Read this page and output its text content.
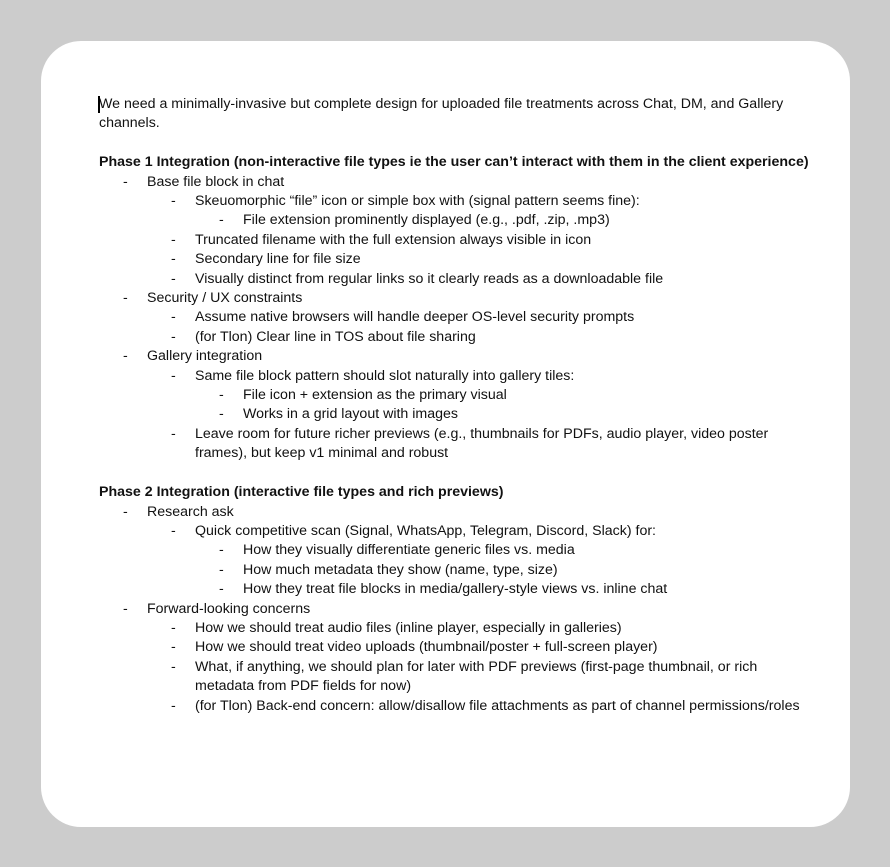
We need a minimally-invasive but complete design for uploaded file treatments across Chat, DM, and Gallery channels.

Phase 1 Integration (non-interactive file types ie the user can’t interact with them in the client experience)

- Base file block in chat
- Skeuomorphic “file” icon or simple box with (signal pattern seems fine):
- File extension prominently displayed (e.g., .pdf, .zip, .mp3)
- Truncated filename with the full extension always visible in icon
- Secondary line for file size
- Visually distinct from regular links so it clearly reads as a downloadable file
- Security / UX constraints
- Assume native browsers will handle deeper OS-level security prompts
- (for Tlon) Clear line in TOS about file sharing
- Gallery integration
- Same file block pattern should slot naturally into gallery tiles:
- File icon + extension as the primary visual
- Works in a grid layout with images
- Leave room for future richer previews (e.g., thumbnails for PDFs, audio player, video poster frames), but keep v1 minimal and robust

Phase 2 Integration (interactive file types and rich previews)

- Research ask
- Quick competitive scan (Signal, WhatsApp, Telegram, Discord, Slack) for:
- How they visually differentiate generic files vs. media
- How much metadata they show (name, type, size)
- How they treat file blocks in media/gallery-style views vs. inline chat
- Forward-looking concerns
- How we should treat audio files (inline player, especially in galleries)
- How we should treat video uploads (thumbnail/poster + full-screen player)
- What, if anything, we should plan for later with PDF previews (first-page thumbnail, or rich metadata from PDF fields for now)
- (for Tlon) Back-end concern: allow/disallow file attachments as part of channel permissions/roles
